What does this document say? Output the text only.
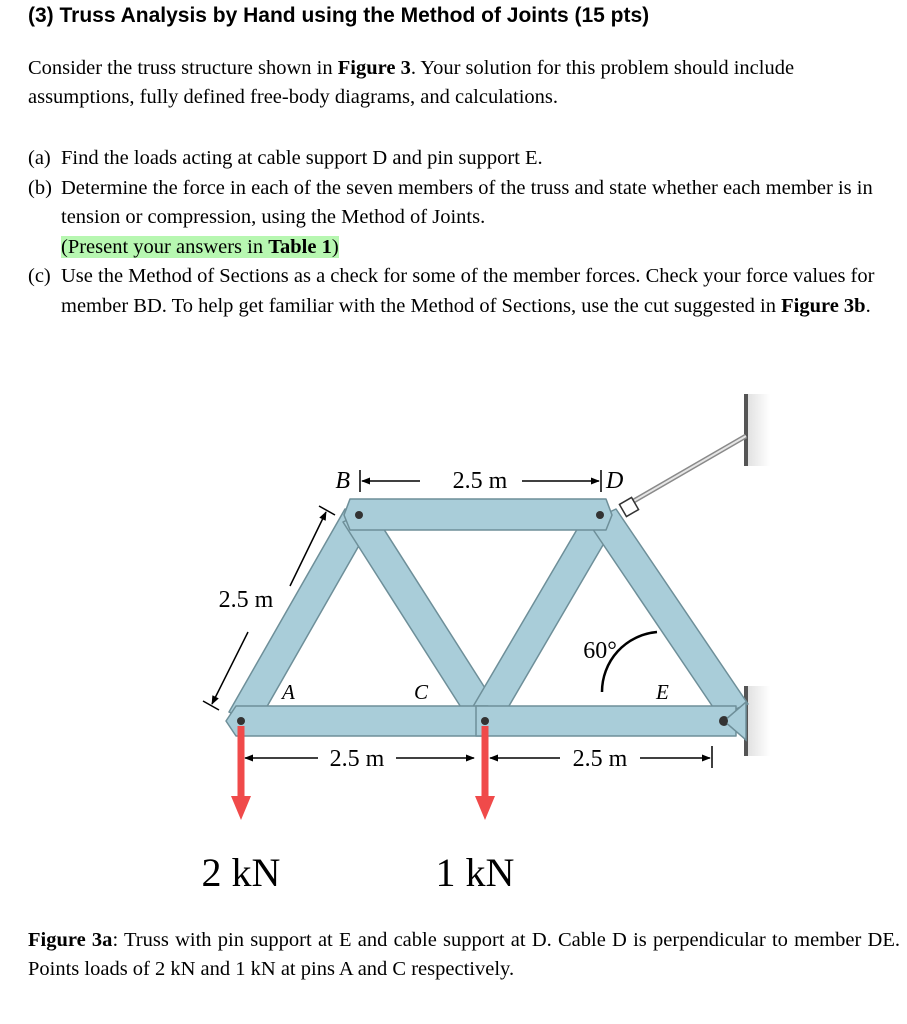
(3) Truss Analysis by Hand using the Method of Joints (15 pts)

Consider the truss structure shown in Figure 3. Your solution for this problem should include assumptions, fully defined free-body diagrams, and calculations.

(a) Find the loads acting at cable support D and pin support E.
(b) Determine the force in each of the seven members of the truss and state whether each member is in tension or compression, using the Method of Joints.
(Present your answers in Table 1)
(c) Use the Method of Sections as a check for some of the member forces. Check your force values for member BD. To help get familiar with the Method of Sections, use the cut suggested in Figure 3b.
2.5 m
B	D
2.5 m
A	C	E
60°
2.5 m	2.5 m
2 kN	1 kN

Figure 3a: Truss with pin support at E and cable support at D. Cable D is perpendicular to member DE. Points loads of 2 kN and 1 kN at pins A and C respectively.
